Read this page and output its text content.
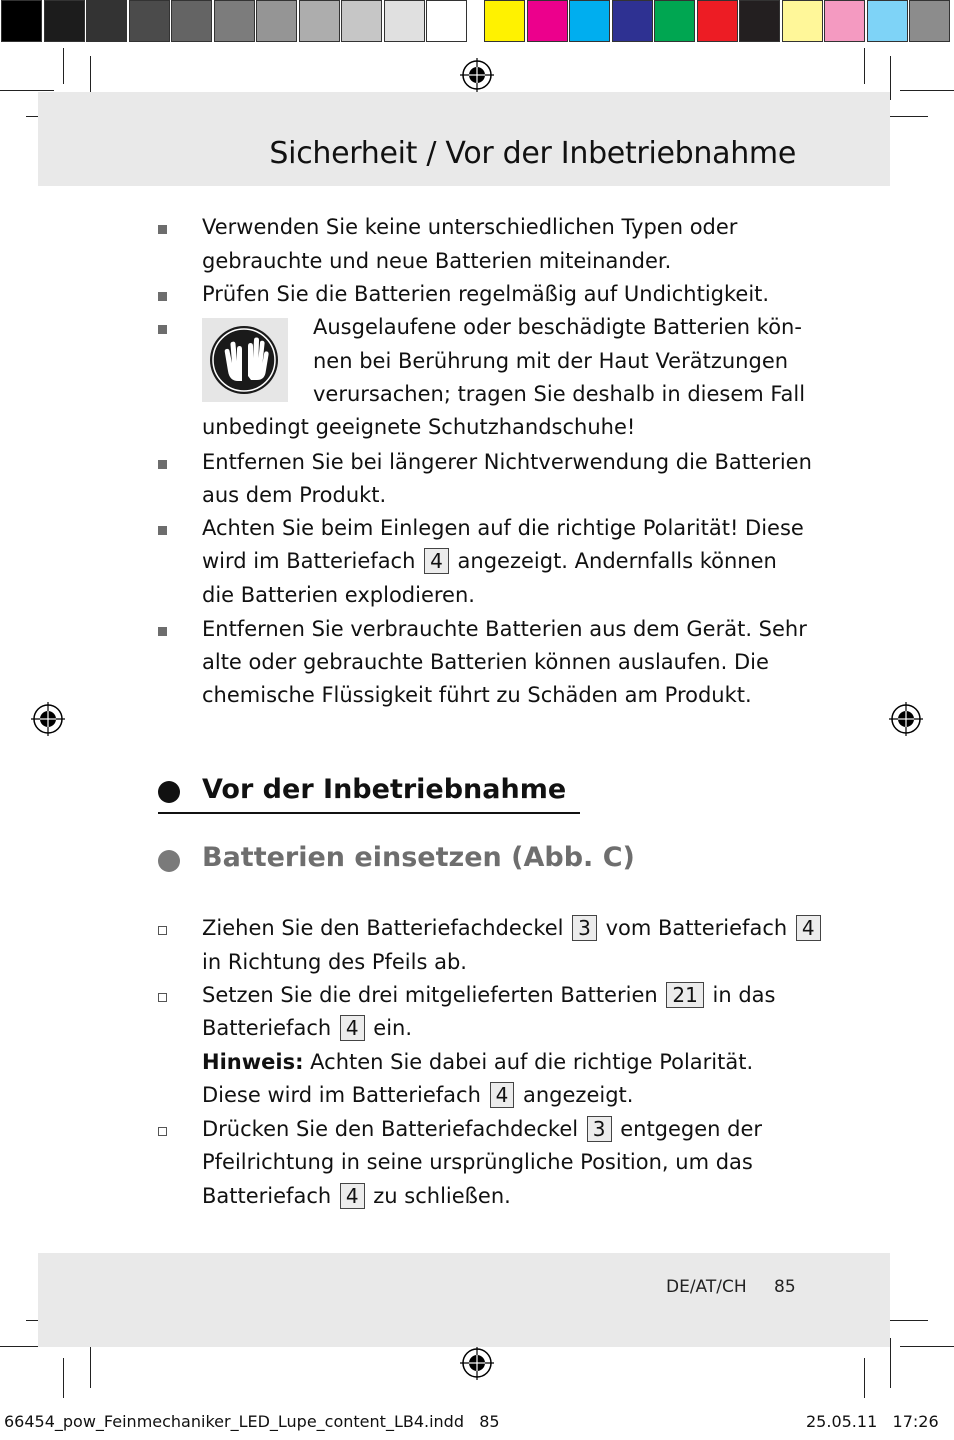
Sicherheit / Vor der Inbetriebnahme
Verwenden Sie keine unterschiedlichen Typen oder
gebrauchte und neue Batterien miteinander.
Prüfen Sie die Batterien regelmäßig auf Undichtigkeit.
Ausgelaufene oder beschädigte Batterien kön-
nen bei Berührung mit der Haut Verätzungen
verursachen; tragen Sie deshalb in diesem Fall
unbedingt geeignete Schutzhandschuhe!
Entfernen Sie bei längerer Nichtverwendung die Batterien
aus dem Produkt.
Achten Sie beim Einlegen auf die richtige Polarität! Diese
wird im Batteriefach 4 angezeigt. Andernfalls können
die Batterien explodieren.
Entfernen Sie verbrauchte Batterien aus dem Gerät. Sehr
alte oder gebrauchte Batterien können auslaufen. Die
chemische Flüssigkeit führt zu Schäden am Produkt.
Vor der Inbetriebnahme
Batterien einsetzen (Abb. C)
Ziehen Sie den Batteriefachdeckel 3 vom Batteriefach 4
in Richtung des Pfeils ab.
Setzen Sie die drei mitgelieferten Batterien 21 in das
Batteriefach 4 ein.
Hinweis: Achten Sie dabei auf die richtige Polarität.
Diese wird im Batteriefach 4 angezeigt.
Drücken Sie den Batteriefachdeckel 3 entgegen der
Pfeilrichtung in seine ursprüngliche Position, um das
Batteriefach 4 zu schließen.
DE/AT/CH 85
66454_pow_Feinmechaniker_LED_Lupe_content_LB4.indd   85	25.05.11   17:26
